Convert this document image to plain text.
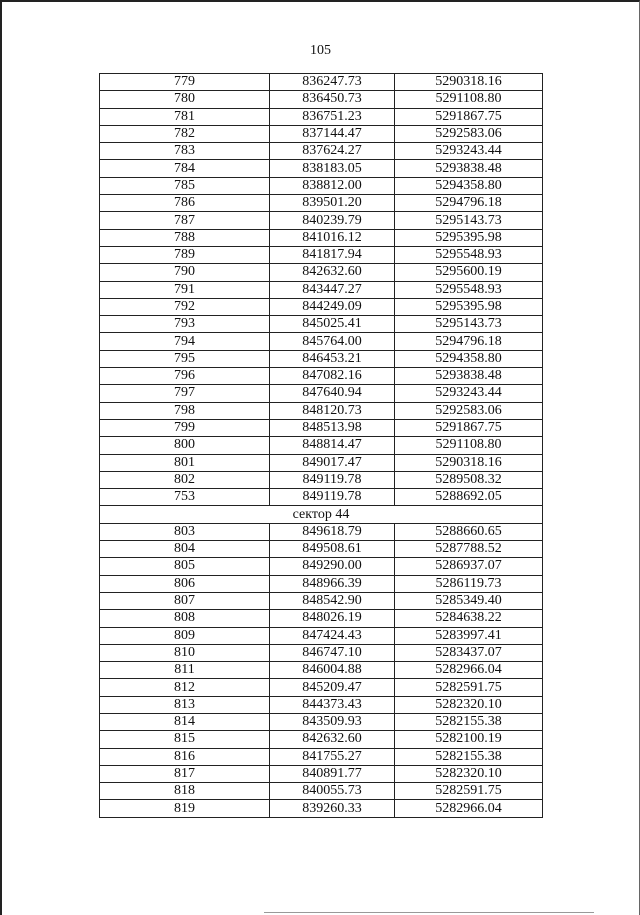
105
779	836247.73	5290318.16
780	836450.73	5291108.80
781	836751.23	5291867.75
782	837144.47	5292583.06
783	837624.27	5293243.44
784	838183.05	5293838.48
785	838812.00	5294358.80
786	839501.20	5294796.18
787	840239.79	5295143.73
788	841016.12	5295395.98
789	841817.94	5295548.93
790	842632.60	5295600.19
791	843447.27	5295548.93
792	844249.09	5295395.98
793	845025.41	5295143.73
794	845764.00	5294796.18
795	846453.21	5294358.80
796	847082.16	5293838.48
797	847640.94	5293243.44
798	848120.73	5292583.06
799	848513.98	5291867.75
800	848814.47	5291108.80
801	849017.47	5290318.16
802	849119.78	5289508.32
753	849119.78	5288692.05
сектор 44		
803	849618.79	5288660.65
804	849508.61	5287788.52
805	849290.00	5286937.07
806	848966.39	5286119.73
807	848542.90	5285349.40
808	848026.19	5284638.22
809	847424.43	5283997.41
810	846747.10	5283437.07
811	846004.88	5282966.04
812	845209.47	5282591.75
813	844373.43	5282320.10
814	843509.93	5282155.38
815	842632.60	5282100.19
816	841755.27	5282155.38
817	840891.77	5282320.10
818	840055.73	5282591.75
819	839260.33	5282966.04
